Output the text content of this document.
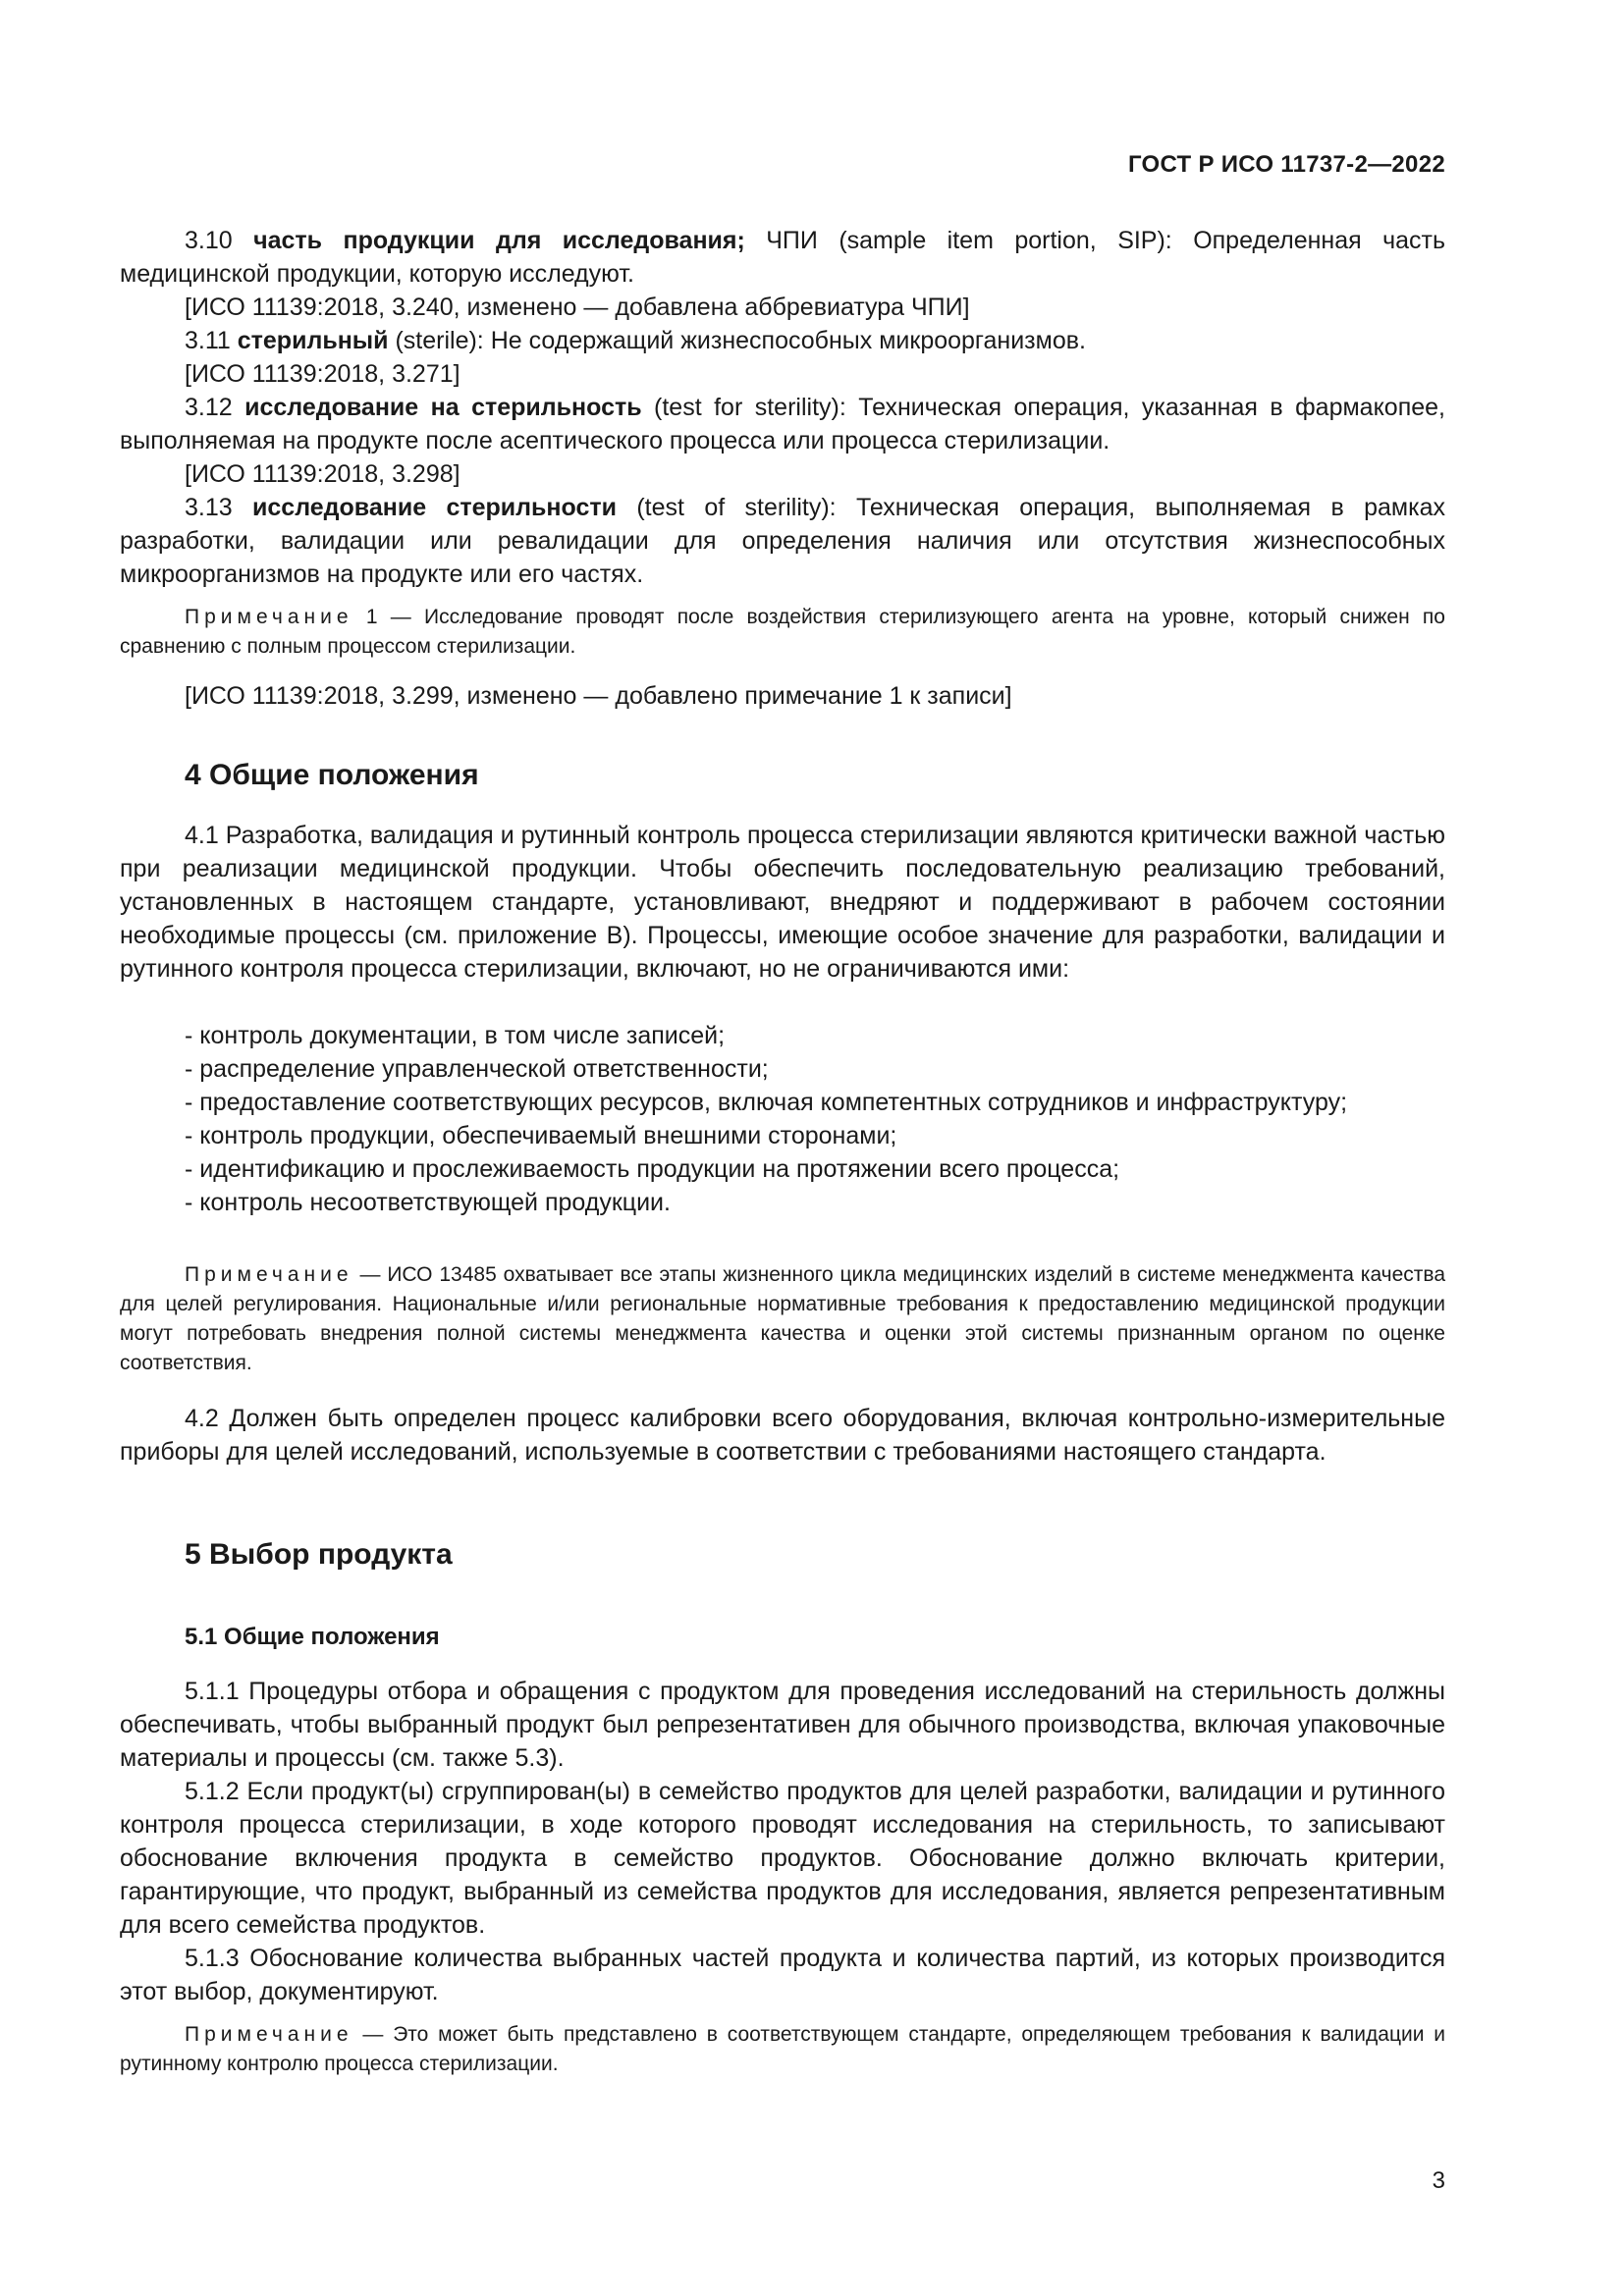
ГОСТ Р ИСО 11737-2—2022

3.10 часть продукции для исследования; ЧПИ (sample item portion, SIP): Определенная часть медицинской продукции, которую исследуют.

[ИСО 11139:2018, 3.240, изменено — добавлена аббревиатура ЧПИ]

3.11 стерильный (sterile): Не содержащий жизнеспособных микроорганизмов.

[ИСО 11139:2018, 3.271]

3.12 исследование на стерильность (test for sterility): Техническая операция, указанная в фармакопее, выполняемая на продукте после асептического процесса или процесса стерилизации.

[ИСО 11139:2018, 3.298]

3.13 исследование стерильности (test of sterility): Техническая операция, выполняемая в рамках разработки, валидации или ревалидации для определения наличия или отсутствия жизнеспособных микроорганизмов на продукте или его частях.

Примечание 1 — Исследование проводят после воздействия стерилизующего агента на уровне, который снижен по сравнению с полным процессом стерилизации.

[ИСО 11139:2018, 3.299, изменено — добавлено примечание 1 к записи]

4 Общие положения

4.1 Разработка, валидация и рутинный контроль процесса стерилизации являются критически важной частью при реализации медицинской продукции. Чтобы обеспечить последовательную реализацию требований, установленных в настоящем стандарте, установливают, внедряют и поддерживают в рабочем состоянии необходимые процессы (см. приложение В). Процессы, имеющие особое значение для разработки, валидации и рутинного контроля процесса стерилизации, включают, но не ограничиваются ими:

- контроль документации, в том числе записей;

- распределение управленческой ответственности;

- предоставление соответствующих ресурсов, включая компетентных сотрудников и инфраструктуру;

- контроль продукции, обеспечиваемый внешними сторонами;

- идентификацию и прослеживаемость продукции на протяжении всего процесса;

- контроль несоответствующей продукции.

Примечание — ИСО 13485 охватывает все этапы жизненного цикла медицинских изделий в системе менеджмента качества для целей регулирования. Национальные и/или региональные нормативные требования к предоставлению медицинской продукции могут потребовать внедрения полной системы менеджмента качества и оценки этой системы признанным органом по оценке соответствия.

4.2 Должен быть определен процесс калибровки всего оборудования, включая контрольно-измерительные приборы для целей исследований, используемые в соответствии с требованиями настоящего стандарта.

5 Выбор продукта

5.1 Общие положения

5.1.1 Процедуры отбора и обращения с продуктом для проведения исследований на стерильность должны обеспечивать, чтобы выбранный продукт был репрезентативен для обычного производства, включая упаковочные материалы и процессы (см. также 5.3).

5.1.2 Если продукт(ы) сгруппирован(ы) в семейство продуктов для целей разработки, валидации и рутинного контроля процесса стерилизации, в ходе которого проводят исследования на стерильность, то записывают обоснование включения продукта в семейство продуктов. Обоснование должно включать критерии, гарантирующие, что продукт, выбранный из семейства продуктов для исследования, является репрезентативным для всего семейства продуктов.

5.1.3 Обоснование количества выбранных частей продукта и количества партий, из которых производится этот выбор, документируют.

Примечание — Это может быть представлено в соответствующем стандарте, определяющем требования к валидации и рутинному контролю процесса стерилизации.

3
